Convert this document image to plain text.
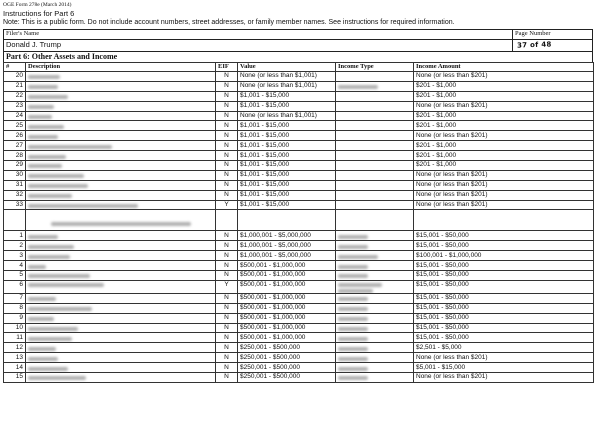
OGE Form 278e (March 2014)
Instructions for Part 6
Note: This is a public form. Do not include account numbers, street addresses, or family member names. See instructions for required information.
Filer's Name
Donald J. Trump
Page Number
37 of 48
Part 6: Other Assets and Income
#	Description	EIF	Value	Income Type	Income Amount
20		N	None (or less than $1,001)		None (or less than $201)
21		N	None (or less than $1,001)		$201 - $1,000
22		N	$1,001 - $15,000		$201 - $1,000
23		N	$1,001 - $15,000		None (or less than $201)
24		N	None (or less than $1,001)		$201 - $1,000
25		N	$1,001 - $15,000		$201 - $1,000
26		N	$1,001 - $15,000		None (or less than $201)
27		N	$1,001 - $15,000		$201 - $1,000
28		N	$1,001 - $15,000		$201 - $1,000
29		N	$1,001 - $15,000		$201 - $1,000
30		N	$1,001 - $15,000		None (or less than $201)
31		N	$1,001 - $15,000		None (or less than $201)
32		N	$1,001 - $15,000		None (or less than $201)
33		Y	$1,001 - $15,000		None (or less than $201)

1		N	$1,000,001 - $5,000,000		$15,001 - $50,000
2		N	$1,000,001 - $5,000,000		$15,001 - $50,000
3		N	$1,000,001 - $5,000,000		$100,001 - $1,000,000
4		N	$500,001 - $1,000,000		$15,001 - $50,000
5		N	$500,001 - $1,000,000		$15,001 - $50,000
6		Y	$500,001 - $1,000,000		$15,001 - $50,000
7		N	$500,001 - $1,000,000		$15,001 - $50,000
8		N	$500,001 - $1,000,000		$15,001 - $50,000
9		N	$500,001 - $1,000,000		$15,001 - $50,000
10		N	$500,001 - $1,000,000		$15,001 - $50,000
11		N	$500,001 - $1,000,000		$15,001 - $50,000
12		N	$250,001 - $500,000		$2,501 - $5,000
13		N	$250,001 - $500,000		None (or less than $201)
14		N	$250,001 - $500,000		$5,001 - $15,000
15		N	$250,001 - $500,000		None (or less than $201)
